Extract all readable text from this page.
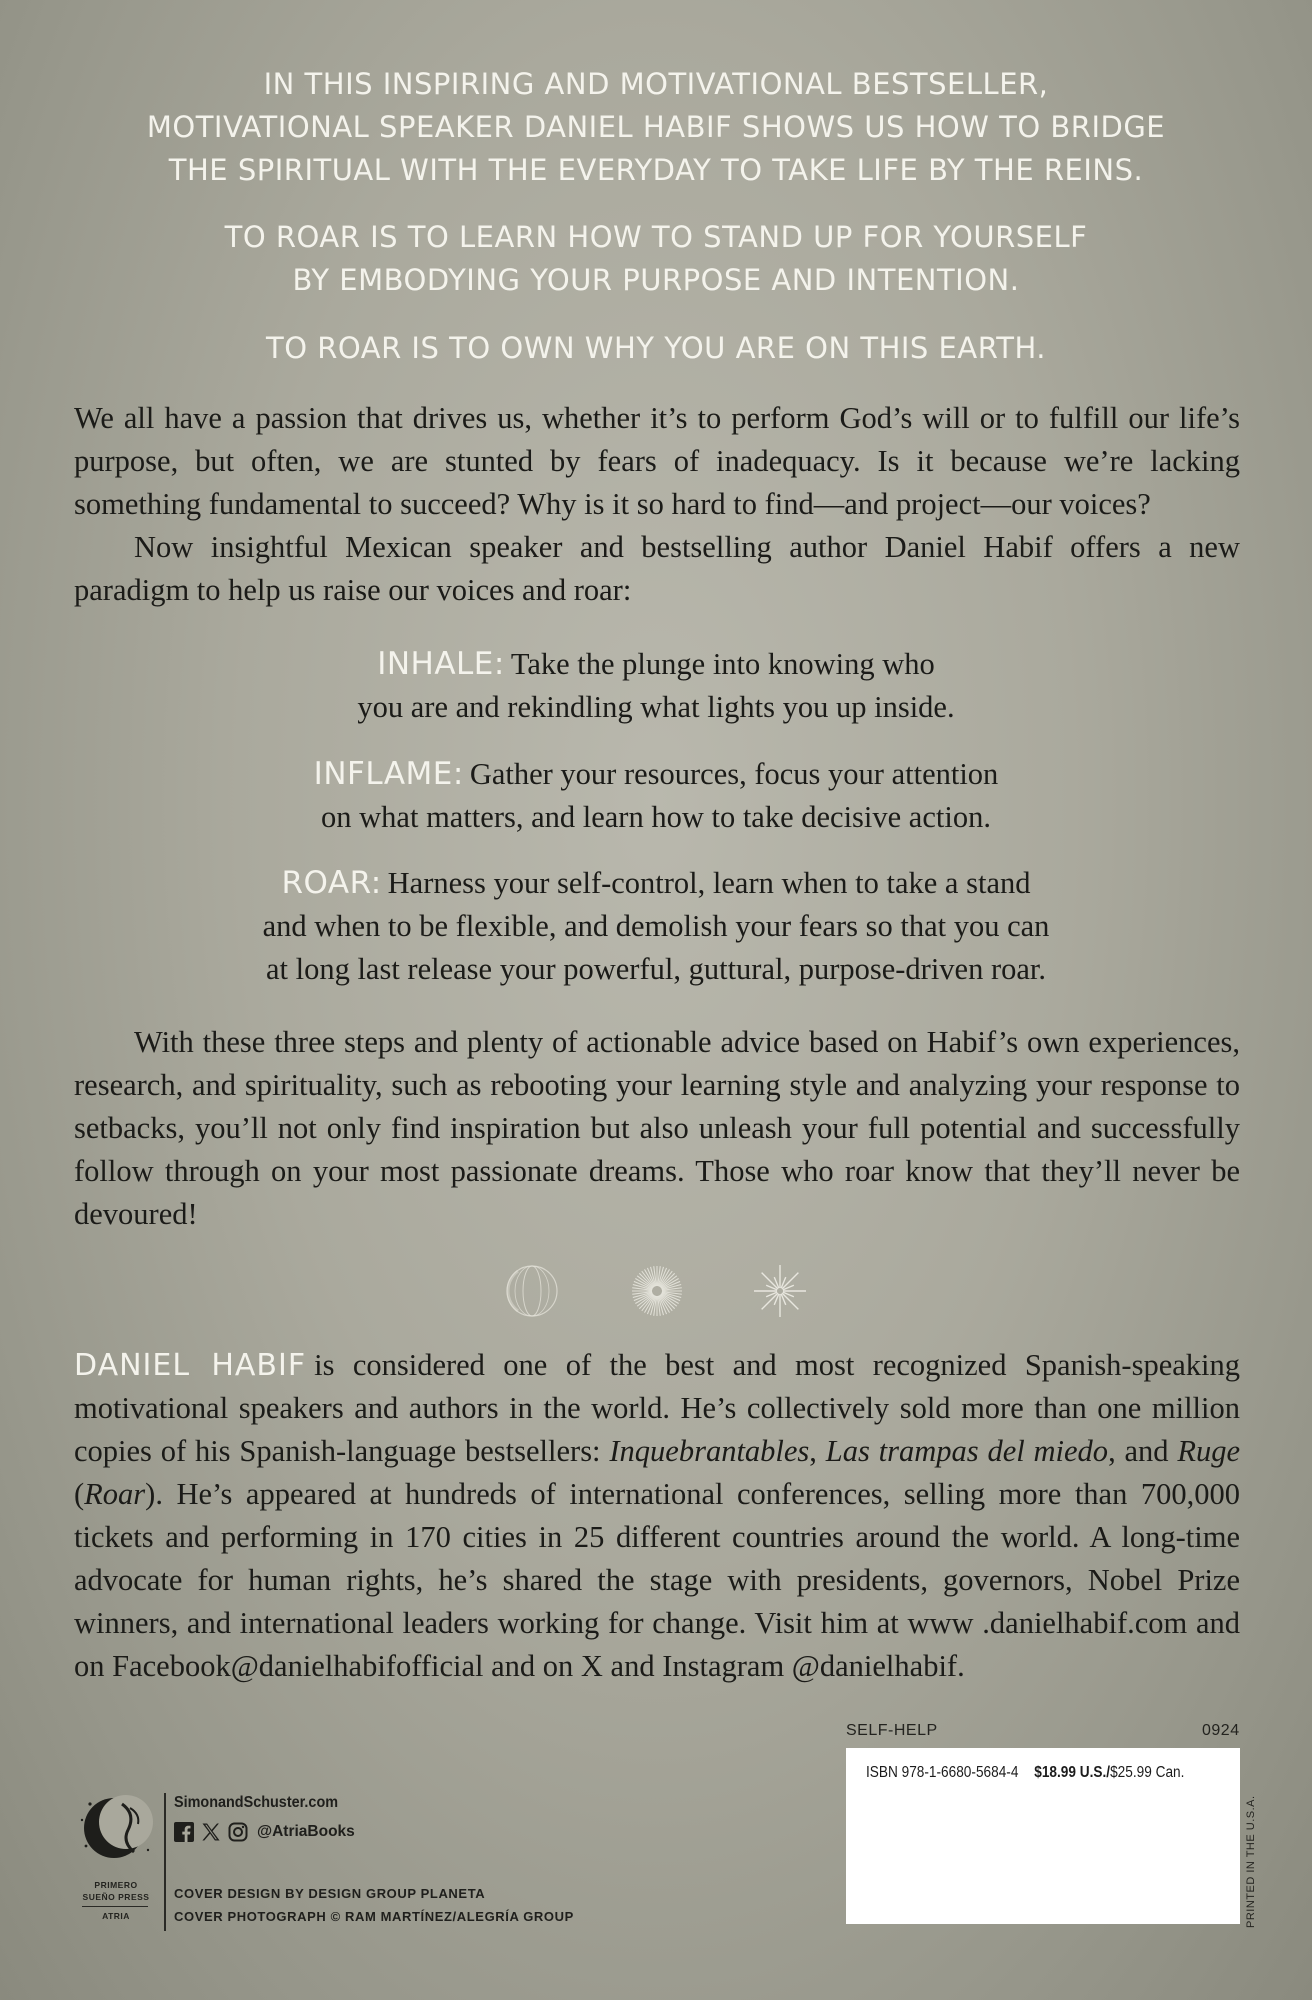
IN THIS INSPIRING AND MOTIVATIONAL BESTSELLER,
MOTIVATIONAL SPEAKER DANIEL HABIF SHOWS US HOW TO BRIDGE
THE SPIRITUAL WITH THE EVERYDAY TO TAKE LIFE BY THE REINS.

TO ROAR IS TO LEARN HOW TO STAND UP FOR YOURSELF
BY EMBODYING YOUR PURPOSE AND INTENTION.

TO ROAR IS TO OWN WHY YOU ARE ON THIS EARTH.

We all have a passion that drives us, whether it’s to perform God’s will or to fulfill our life’s purpose, but often, we are stunted by fears of inadequacy. Is it because we’re lacking something fundamental to succeed? Why is it so hard to find—and project—our voices?

Now insightful Mexican speaker and bestselling author Daniel Habif offers a new paradigm to help us raise our voices and roar:

INHALE: Take the plunge into knowing who
you are and rekindling what lights you up inside.

INFLAME: Gather your resources, focus your attention
on what matters, and learn how to take decisive action.

ROAR: Harness your self-control, learn when to take a stand
and when to be flexible, and demolish your fears so that you can
at long last release your powerful, guttural, purpose-driven roar.

With these three steps and plenty of actionable advice based on Habif’s own experiences, research, and spirituality, such as rebooting your learning style and analyzing your response to setbacks, you’ll not only find inspiration but also unleash your full potential and successfully follow through on your most passionate dreams. Those who roar know that they’ll never be devoured!

DANIEL HABIF is considered one of the best and most recognized Spanish-speaking motivational speakers and authors in the world. He’s collectively sold more than one million copies of his Spanish-language bestsellers: Inquebrantables, Las trampas del miedo, and Ruge (Roar). He’s appeared at hundreds of international conferences, selling more than 700,000 tickets and performing in 170 cities in 25 different countries around the world. A long-time advocate for human rights, he’s shared the stage with presidents, governors, Nobel Prize winners, and international leaders working for change. Visit him at www .danielhabif.com and on Facebook@danielhabifofficial and on X and Instagram @danielhabif.

SELF-HELP	0924
ISBN 978-1-6680-5684-4 $18.99 U.S./$25.99 Can.
PRINTED IN THE U.S.A.
PRIMERO
SUEÑO PRESS
ATRIA
SimonandSchuster.com
@AtriaBooks
COVER DESIGN BY DESIGN GROUP PLANETA
COVER PHOTOGRAPH © RAM MARTÍNEZ/ALEGRÍA GROUP
